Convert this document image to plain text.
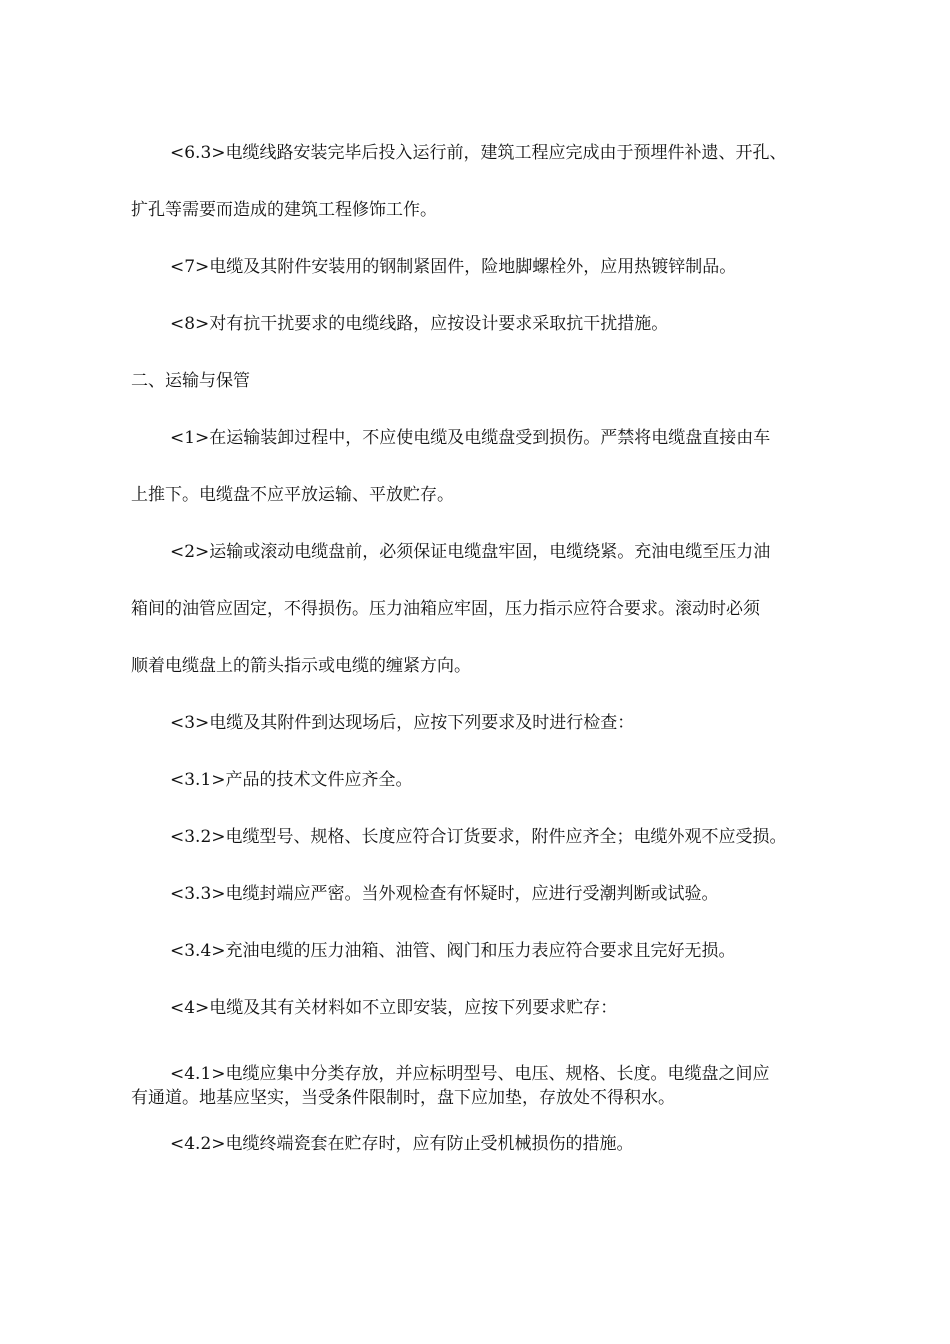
<6.3>电缆线路安装完毕后投入运行前，建筑工程应完成由于预埋件补遗、开孔、
扩孔等需要而造成的建筑工程修饰工作。
<7>电缆及其附件安装用的钢制紧固件，险地脚螺栓外，应用热镀锌制品。
<8>对有抗干扰要求的电缆线路，应按设计要求采取抗干扰措施。
二、运输与保管
<1>在运输装卸过程中，不应使电缆及电缆盘受到损伤。严禁将电缆盘直接由车
上推下。电缆盘不应平放运输、平放贮存。
<2>运输或滚动电缆盘前，必须保证电缆盘牢固，电缆绕紧。充油电缆至压力油
箱间的油管应固定，不得损伤。压力油箱应牢固，压力指示应符合要求。滚动时必须
顺着电缆盘上的箭头指示或电缆的缠紧方向。
<3>电缆及其附件到达现场后，应按下列要求及时进行检查：
<3.1>产品的技术文件应齐全。
<3.2>电缆型号、规格、长度应符合订货要求，附件应齐全；电缆外观不应受损。
<3.3>电缆封端应严密。当外观检查有怀疑时，应进行受潮判断或试验。
<3.4>充油电缆的压力油箱、油管、阀门和压力表应符合要求且完好无损。
<4>电缆及其有关材料如不立即安装，应按下列要求贮存：
<4.1>电缆应集中分类存放，并应标明型号、电压、规格、长度。电缆盘之间应
有通道。地基应坚实，当受条件限制时，盘下应加垫，存放处不得积水。
<4.2>电缆终端瓷套在贮存时，应有防止受机械损伤的措施。
